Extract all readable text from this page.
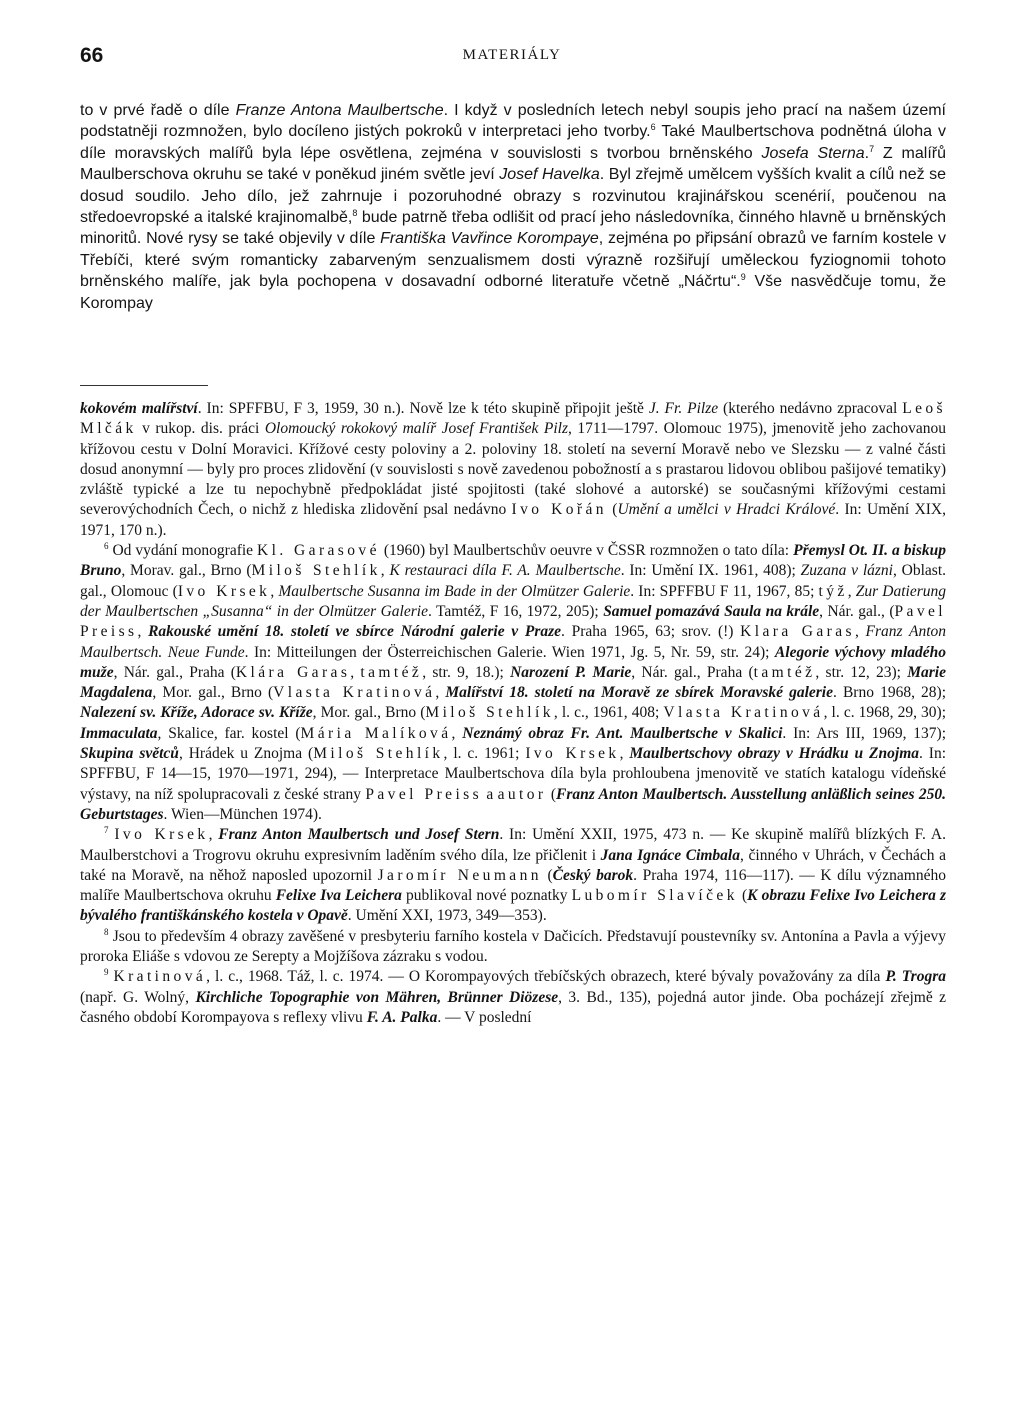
66	MATERIÁLY

to v prvé řadě o díle Franze Antona Maulbertsche. I když v posledních letech nebyl soupis jeho prací na našem území podstatněji rozmnožen, bylo docíleno jistých pokroků v interpretaci jeho tvorby.$^6$ Také Maulbertschova podnětná úloha v díle moravských malířů byla lépe osvětlena, zejména v souvislosti s tvorbou brněnského Josefa Sterna.$^7$ Z malířů Maulberschova okruhu se také v poněkud jiném světle jeví Josef Havelka. Byl zřejmě umělcem vyšších kvalit a cílů než se dosud soudilo. Jeho dílo, jež zahrnuje i pozoruhodné obrazy s rozvinutou krajinářskou scenérií, poučenou na středoevropské a italské krajinomalbě,$^8$ bude patrně třeba odlišit od prací jeho následovníka, činného hlavně u brněnských minoritů. Nové rysy se také objevily v díle Františka Vavřince Korompaye, zejména po připsání obrazů ve farním kostele v Třebíči, které svým romanticky zabarveným senzualismem dosti výrazně rozšiřují uměleckou fyziognomii tohoto brněnského malíře, jak byla pochopena v dosavadní odborné literatuře včetně „Náčrtu“.$^9$ Vše nasvědčuje tomu, že Korompay

kokovém malířství. In: SPFFBU, F 3, 1959, 30 n.). Nově lze k této skupině připojit ještě J. Fr. Pilze (kterého nedávno zpracoval Leoš Mlčák v rukop. dis. práci Olomoucký rokokový malíř Josef František Pilz, 1711—1797. Olomouc 1975), jmenovitě jeho zachovanou křížovou cestu v Dolní Moravici. Křížové cesty poloviny a 2. poloviny 18. století na severní Moravě nebo ve Slezsku — z valné části dosud anonymní — byly pro proces zlidovění (v souvislosti s nově zavedenou pobožností a s prastarou lidovou oblibou pašijové tematiky) zvláště typické a lze tu nepochybně předpokládat jisté spojitosti (také slohové a autorské) se současnými křížovými cestami severovýchodních Čech, o nichž z hlediska zlidovění psal nedávno Ivo Kořán (Umění a umělci v Hradci Králové. In: Umění XIX, 1971, 170 n.).

$^6$ Od vydání monografie Kl. Garasové (1960) byl Maulbertschův oeuvre v ČSSR rozmnožen o tato díla: Přemysl Ot. II. a biskup Bruno, Morav. gal., Brno (Miloš Stehlík, K restauraci díla F. A. Maulbertsche. In: Umění IX. 1961, 408); Zuzana v lázni, Oblast. gal., Olomouc (Ivo Krsek, Maulbertsche Susanna im Bade in der Olmützer Galerie. In: SPFFBU F 11, 1967, 85; týž, Zur Datierung der Maulbertschen „Susanna“ in der Olmützer Galerie. Tamtéž, F 16, 1972, 205); Samuel pomazává Saula na krále, Nár. gal., (Pavel Preiss, Rakouské umění 18. století ve sbírce Národní galerie v Praze. Praha 1965, 63; srov. (!) Klara Garas, Franz Anton Maulbertsch. Neue Funde. In: Mitteilungen der Österreichischen Galerie. Wien 1971, Jg. 5, Nr. 59, str. 24); Alegorie výchovy mladého muže, Nár. gal., Praha (Klára Garas, tamtéž, str. 9, 18.); Narození P. Marie, Nár. gal., Praha (tamtéž, str. 12, 23); Marie Magdalena, Mor. gal., Brno (Vlasta Kratinová, Malířství 18. století na Moravě ze sbírek Moravské galerie. Brno 1968, 28); Nalezení sv. Kříže, Adorace sv. Kříže, Mor. gal., Brno (Miloš Stehlík, l. c., 1961, 408; Vlasta Kratinová, l. c. 1968, 29, 30); Immaculata, Skalice, far. kostel (Mária Malíková, Neznámý obraz Fr. Ant. Maulbertsche v Skalici. In: Ars III, 1969, 137); Skupina světců, Hrádek u Znojma (Miloš Stehlík, l. c. 1961; Ivo Krsek, Maulbertschovy obrazy v Hrádku u Znojma. In: SPFFBU, F 14—15, 1970—1971, 294), — Interpretace Maulbertschova díla byla prohloubena jmenovitě ve statích katalogu vídeňské výstavy, na níž spolupracovali z české strany Pavel Preiss a autor (Franz Anton Maulbertsch. Ausstellung anläßlich seines 250. Geburtstages. Wien—München 1974).

$^7$ Ivo Krsek, Franz Anton Maulbertsch und Josef Stern. In: Umění XXII, 1975, 473 n. — Ke skupině malířů blízkých F. A. Maulberstchovi a Trogrovu okruhu expresivním laděním svého díla, lze přičlenit i Jana Ignáce Cimbala, činného v Uhrách, v Čechách a také na Moravě, na něhož naposled upozornil Jaromír Neumann (Český barok. Praha 1974, 116—117). — K dílu významného malíře Maulbertschova okruhu Felixe Iva Leichera publikoval nové poznatky Lubomír Slavíček (K obrazu Felixe Ivo Leichera z bývalého františkánského kostela v Opavě. Umění XXI, 1973, 349—353).

$^8$ Jsou to především 4 obrazy zavěšené v presbyteriu farního kostela v Dačicích. Představují poustevníky sv. Antonína a Pavla a výjevy proroka Eliáše s vdovou ze Serepty a Mojžíšova zázraku s vodou.

$^9$ Kratinová, l. c., 1968. Táž, l. c. 1974. — O Korompayových třebíčských obrazech, které bývaly považovány za díla P. Trogra (např. G. Wolný, Kirchliche Topographie von Mähren, Brünner Diözese, 3. Bd., 135), pojedná autor jinde. Oba pocházejí zřejmě z časného období Korompayova s reflexy vlivu F. A. Palka. — V poslední
